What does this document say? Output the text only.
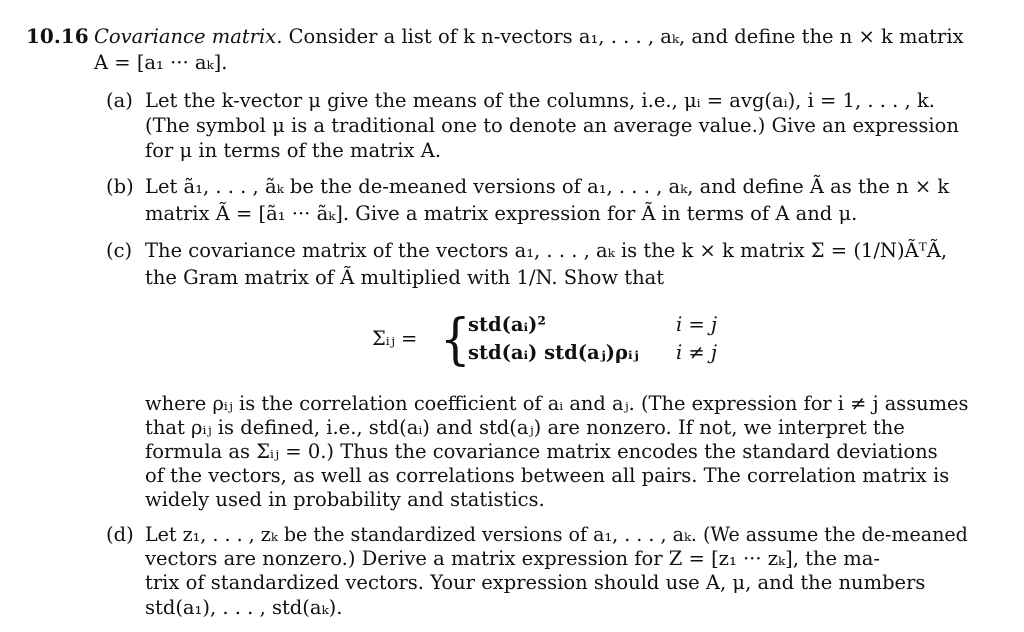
10.16 Covariance matrix. Consider a list of k n-vectors a₁, . . . , aₖ, and define the n × k matrix
A = [a₁ ··· aₖ].
(a) Let the k-vector μ give the means of the columns, i.e., μᵢ = avg(aᵢ), i = 1, . . . , k.
(The symbol μ is a traditional one to denote an average value.) Give an expression
for μ in terms of the matrix A.
(b) Let ã₁, . . . , ãₖ be the de-meaned versions of a₁, . . . , aₖ, and define Ã as the n × k
matrix Ã = [ã₁ ··· ãₖ]. Give a matrix expression for Ã in terms of A and μ.
(c) The covariance matrix of the vectors a₁, . . . , aₖ is the k × k matrix Σ = (1/N)ÃᵀÃ,
the Gram matrix of Ã multiplied with 1/N. Show that
Σᵢⱼ = {
std(aᵢ)²	i = j
std(aᵢ) std(aⱼ)ρᵢⱼ i ≠ j
where ρᵢⱼ is the correlation coefficient of aᵢ and aⱼ. (The expression for i ≠ j assumes
that ρᵢⱼ is defined, i.e., std(aᵢ) and std(aⱼ) are nonzero. If not, we interpret the
formula as Σᵢⱼ = 0.) Thus the covariance matrix encodes the standard deviations
of the vectors, as well as correlations between all pairs. The correlation matrix is
widely used in probability and statistics.
(d) Let z₁, . . . , zₖ be the standardized versions of a₁, . . . , aₖ. (We assume the de-meaned
vectors are nonzero.) Derive a matrix expression for Z = [z₁ ··· zₖ], the ma-
trix of standardized vectors. Your expression should use A, μ, and the numbers
std(a₁), . . . , std(aₖ).
